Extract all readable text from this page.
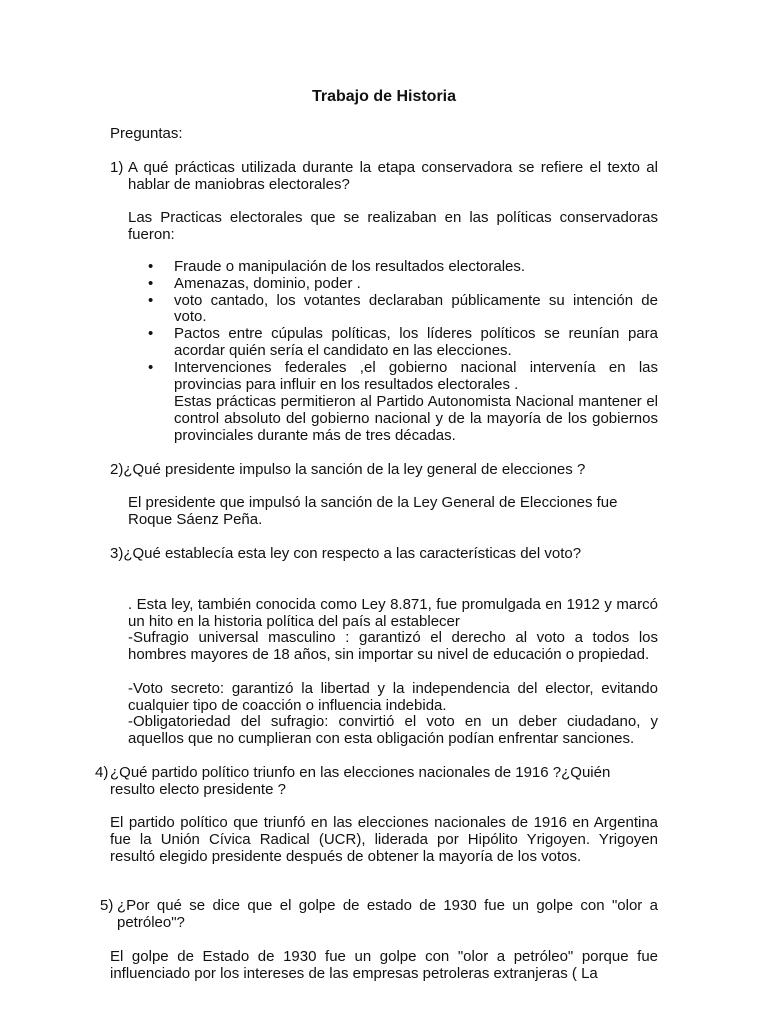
Trabajo de Historia
Preguntas:
1) A qué prácticas utilizada durante la etapa conservadora se refiere el texto al hablar de maniobras electorales?
Las Practicas electorales que se realizaban en las políticas conservadoras fueron:
• Fraude o manipulación de los resultados electorales.
• Amenazas, dominio, poder .
• voto cantado, los votantes declaraban públicamente su intención de voto.
• Pactos entre cúpulas políticas, los líderes políticos se reunían para acordar quién sería el candidato en las elecciones.
• Intervenciones federales ,el gobierno nacional intervenía en las provincias para influir en los resultados electorales .
Estas prácticas permitieron al Partido Autonomista Nacional mantener el control absoluto del gobierno nacional y de la mayoría de los gobiernos provinciales durante más de tres décadas.
2)¿Qué presidente impulso la sanción de la ley general de elecciones ?
El presidente que impulsó la sanción de la Ley General de Elecciones fue Roque Sáenz Peña.
3)¿Qué establecía esta ley con respecto a las características del voto?
. Esta ley, también conocida como Ley 8.871, fue promulgada en 1912 y marcó un hito en la historia política del país al establecer
-Sufragio universal masculino : garantizó el derecho al voto a todos los hombres mayores de 18 años, sin importar su nivel de educación o propiedad.
-Voto secreto: garantizó la libertad y la independencia del elector, evitando cualquier tipo de coacción o influencia indebida.
-Obligatoriedad del sufragio: convirtió el voto en un deber ciudadano, y aquellos que no cumplieran con esta obligación podían enfrentar sanciones.
4) ¿Qué partido político triunfo en las elecciones nacionales de 1916 ?¿Quién resulto electo presidente ?
El partido político que triunfó en las elecciones nacionales de 1916 en Argentina fue la Unión Cívica Radical (UCR), liderada por Hipólito Yrigoyen. Yrigoyen resultó elegido presidente después de obtener la mayoría de los votos.
5) ¿Por qué se dice que el golpe de estado de 1930 fue un golpe con "olor a petróleo"?
El golpe de Estado de 1930 fue un golpe con "olor a petróleo" porque fue influenciado por los intereses de las empresas petroleras extranjeras ( La
